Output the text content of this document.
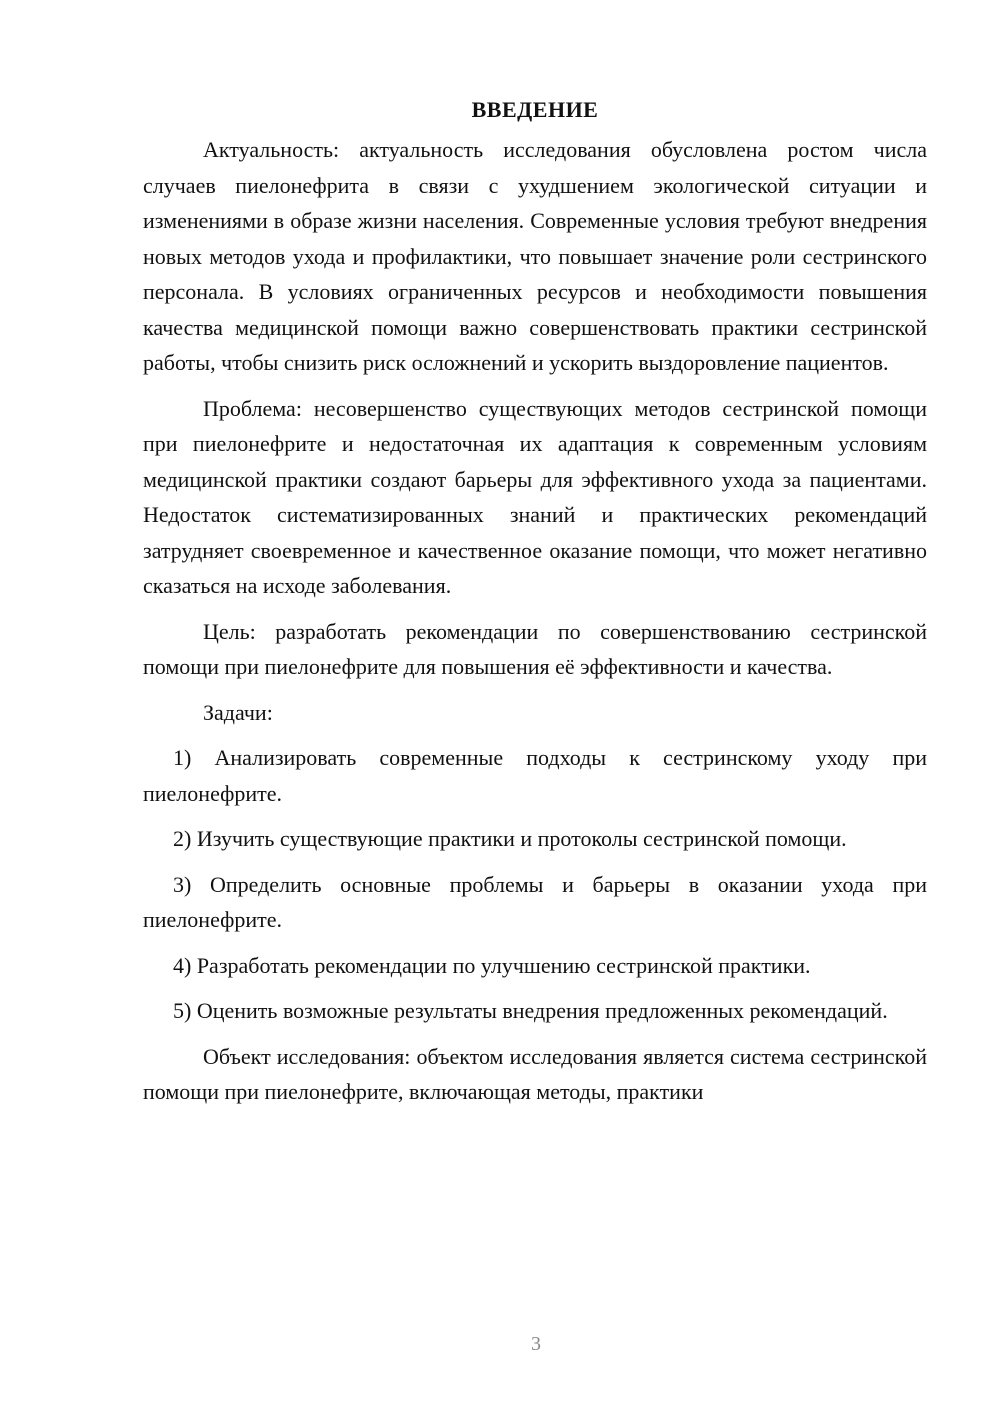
ВВЕДЕНИЕ

Актуальность: актуальность исследования обусловлена ростом числа случаев пиелонефрита в связи с ухудшением экологической ситуации и изменениями в образе жизни населения. Современные условия требуют внедрения новых методов ухода и профилактики, что повышает значение роли сестринского персонала. В условиях ограниченных ресурсов и необходимости повышения качества медицинской помощи важно совершенствовать практики сестринской работы, чтобы снизить риск осложнений и ускорить выздоровление пациентов.

Проблема: несовершенство существующих методов сестринской помощи при пиелонефрите и недостаточная их адаптация к современным условиям медицинской практики создают барьеры для эффективного ухода за пациентами. Недостаток систематизированных знаний и практических рекомендаций затрудняет своевременное и качественное оказание помощи, что может негативно сказаться на исходе заболевания.

Цель: разработать рекомендации по совершенствованию сестринской помощи при пиелонефрите для повышения её эффективности и качества.

Задачи:

1) Анализировать современные подходы к сестринскому уходу при пиелонефрите.

2) Изучить существующие практики и протоколы сестринской помощи.

3) Определить основные проблемы и барьеры в оказании ухода при пиелонефрите.

4) Разработать рекомендации по улучшению сестринской практики.

5) Оценить возможные результаты внедрения предложенных рекомендаций.

Объект исследования: объектом исследования является система сестринской помощи при пиелонефрите, включающая методы, практики

3
